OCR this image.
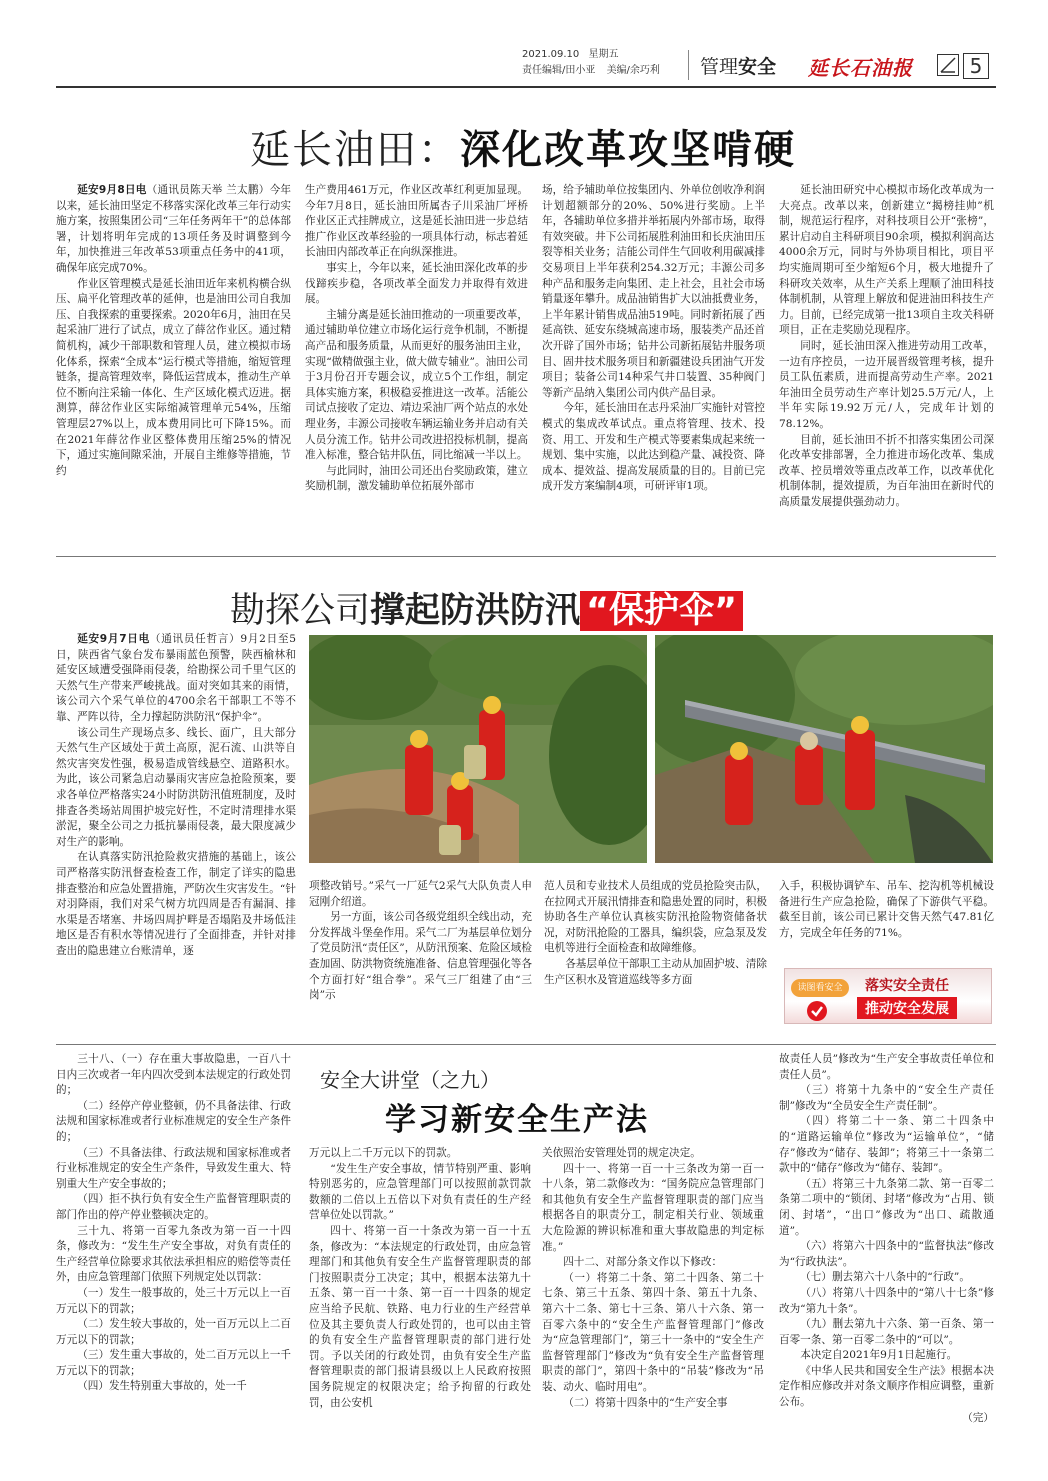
2021.09.10 星期五
责任编辑/田小亚 美编/余巧利 管理安全 延长石油报	5
延长油田：深化改革攻坚啃硬

延安9月8日电（通讯员陈天举 兰太鹏）今年以来，延长油田坚定不移落实深化改革三年行动实施方案，按照集团公司“三年任务两年干”的总体部署，计划将明年完成的13项任务及时调整到今年，加快推进三年改革53项重点任务中的41项，确保年底完成70%。

作业区管理模式是延长油田近年来机构横合纵压、扁平化管理改革的延伸，也是油田公司自我加压、自我探索的重要探索。2020年6月，油田在吴起采油厂进行了试点，成立了薛岔作业区。通过精简机构，减少干部职数和管理人员，建立模拟市场化体系，探索“全成本”运行模式等措施，缩短管理链条，提高管理效率，降低运营成本，推动生产单位不断向注采输一体化、生产区域化模式迈进。据测算，薛岔作业区实际缩减管理单元54%，压缩管理层27%以上，成本费用同比可下降15%。而在2021年薛岔作业区整体费用压缩25%的情况下，通过实施间隙采油，开展自主维修等措施，节约

生产费用461万元，作业区改革红利更加显现。今年7月8日，延长油田所属杏子川采油厂坪桥作业区正式挂牌成立，这是延长油田进一步总结推广作业区改革经验的一项具体行动，标志着延长油田内部改革正在向纵深推进。

事实上，今年以来，延长油田深化改革的步伐蹄疾步稳，各项改革全面发力并取得有效进展。

主辅分离是延长油田推动的一项重要改革，通过辅助单位建立市场化运行竞争机制，不断提高产品和服务质量，从而更好的服务油田主业，实现“做精做强主业，做大做专辅业”。油田公司于3月份召开专题会议，成立5个工作组，制定具体实施方案，积极稳妥推进这一改革。活能公司试点接收了定边、靖边采油厂两个站点的水处理业务，丰源公司接收车辆运输业务并启动有关人员分流工作。钻井公司改进招投标机制，提高准入标准，整合钻井队伍，同比缩减一半以上。

与此同时，油田公司还出台奖励政策，建立奖励机制，激发辅助单位拓展外部市

场，给予辅助单位按集团内、外单位创收净利润计划超额部分的20%、50%进行奖励。上半年，各辅助单位多措并举拓展内外部市场，取得有效突破。井下公司拓展胜利油田和长庆油田压裂等相关业务；洁能公司伴生气回收利用碳减排交易项目上半年获利254.32万元；丰源公司多种产品和服务走向集团、走上社会，且社会市场销量逐年攀升。成品油销售扩大以油抵费业务，上半年累计销售成品油519吨。同时新拓展了西延高铁、延安东绕城高速市场，服装类产品还首次开辟了国外市场；钻井公司新拓展钻井服务项目、固井技术服务项目和新疆建设兵团油气开发项目；装备公司14种采气井口装置、35种阀门等新产品纳入集团公司内供产品目录。

今年，延长油田在志丹采油厂实施针对管控模式的集成改革试点。重点将管理、技术、投资、用工、开发和生产模式等要素集成起来统一规划、集中实施，以此达到稳产量、减投资、降成本、提效益、提高发展质量的目的。目前已完成开发方案编制4项，可研评审1项。

延长油田研究中心模拟市场化改革成为一大亮点。改革以来，创新建立“揭榜挂帅”机制，规范运行程序，对科技项目公开“张榜”，累计启动自主科研项目90余项，模拟利润高达4000余万元，同时与外协项目相比，项目平均实施周期可至少缩短6个月，极大地提升了科研攻关效率，从生产关系上理顺了油田科技体制机制，从管理上解放和促进油田科技生产力。目前，已经完成第一批13项自主攻关科研项目，正在走奖励兑现程序。

同时，延长油田深入推进劳动用工改革，一边有序控员，一边开展晋级管理考核，提升员工队伍素质，进而提高劳动生产率。2021年油田全员劳动生产率计划25.5万元/人，上半年实际19.92万元/人，完成年计划的78.12%。

目前，延长油田不折不扣落实集团公司深化改革安排部署，全力推进市场化改革、集成改革、控员增效等重点改革工作，以改革优化机制体制，提效提质，为百年油田在新时代的高质量发展提供强劲动力。

勘探公司撑起防洪防汛 “保护伞”

延安9月7日电（通讯员任哲言）9月2日至5日，陕西省气象台发布暴雨蓝色预警，陕西榆林和延安区域遭受强降雨侵袭，给勘探公司千里气区的天然气生产带来严峻挑战。面对突如其来的雨情，该公司六个采气单位的4700余名干部职工不等不靠、严阵以待，全力撑起防洪防汛“保护伞”。

该公司生产现场点多、线长、面广，且大部分天然气生产区域处于黄土高原，泥石流、山洪等自然灾害突发性强，极易造成管线悬空、道路积水。为此，该公司紧急启动暴雨灾害应急抢险预案，要求各单位严格落实24小时防洪防汛值班制度，及时排查各类场站周围护坡完好性，不定时清理排水渠淤泥，聚全公司之力抵抗暴雨侵袭，最大限度减少对生产的影响。

在认真落实防汛抢险救灾措施的基础上，该公司严格落实防汛督查检查工作，制定了详实的隐患排查整治和应急处置措施，严防次生灾害发生。“针对羽降雨，我们对采气树方坑四周是否有漏洞、排水渠是否堵塞、井场四周护畔是否塌陷及井场低洼地区是否有积水等情况进行了全面排查，并针对排查出的隐患建立台账清单，逐

项整改销号。”采气一厂延气2采气大队负责人申冠刚介绍道。

另一方面，该公司各级党组织全线出动，充分发挥战斗堡垒作用。采气二厂为基层单位划分了党员防汛“责任区”，从防汛预案、危险区域检查加固、防洪物资统施准备、信息管理强化等各个方面打好“组合拳”。采气三厂组建了由“三岗”示

范人员和专业技术人员组成的党员抢险突击队，在拉网式开展汛情排查和隐患处置的同时，积极协助各生产单位认真核实防汛抢险物资储备状况，对防汛抢险的工器具，编织袋，应急泵及发电机等进行全面检查和故障维修。

各基层单位干部职工主动从加固护坡、清除生产区积水及管道巡线等多方面

入手，积极协调铲车、吊车、挖沟机等机械设备进行生产应急抢险，确保了下游供气平稳。截至目前，该公司已累计交售天然气47.81亿方，完成全年任务的71%。

读图看安全	落实安全责任
推动安全发展

三十八、（一）存在重大事故隐患，一百八十日内三次或者一年内四次受到本法规定的行政处罚的；

（二）经停产停业整顿，仍不具备法律、行政法规和国家标准或者行业标准规定的安全生产条件的；

（三）不具备法律、行政法规和国家标准或者行业标准规定的安全生产条件，导致发生重大、特别重大生产安全事故的；

（四）拒不执行负有安全生产监督管理职责的部门作出的停产停业整顿决定的。

三十九、将第一百零九条改为第一百一十四条，修改为：“发生生产安全事故，对负有责任的生产经营单位除要求其依法承担相应的赔偿等责任外，由应急管理部门依照下列规定处以罚款：

（一）发生一般事故的，处三十万元以上一百万元以下的罚款；

（二）发生较大事故的，处一百万元以上二百万元以下的罚款；

（三）发生重大事故的，处二百万元以上一千万元以下的罚款；

（四）发生特别重大事故的，处一千

安全大讲堂（之九）
学习新安全生产法

万元以上二千万元以下的罚款。

“发生生产安全事故，情节特别严重、影响特别恶劣的，应急管理部门可以按照前款罚款数额的二倍以上五倍以下对负有责任的生产经营单位处以罚款。”

四十、将第一百一十条改为第一百一十五条，修改为：“本法规定的行政处罚，由应急管理部门和其他负有安全生产监督管理职责的部门按照职责分工决定；其中，根据本法第九十五条、第一百一十条、第一百一十四条的规定应当给予民航、铁路、电力行业的生产经营单位及其主要负责人行政处罚的，也可以由主管的负有安全生产监督管理职责的部门进行处罚。予以关闭的行政处罚，由负有安全生产监督管理职责的部门报请县级以上人民政府按照国务院规定的权限决定；给予拘留的行政处罚，由公安机

关依照治安管理处罚的规定决定。

四十一、将第一百一十三条改为第一百一十八条，第二款修改为：“国务院应急管理部门和其他负有安全生产监督管理职责的部门应当根据各自的职责分工，制定相关行业、领域重大危险源的辨识标准和重大事故隐患的判定标准。”

四十二、对部分条文作以下修改：

（一）将第二十条、第二十四条、第二十七条、第三十五条、第四十条、第五十九条、第六十二条、第七十三条、第八十六条、第一百零六条中的“安全生产监督管理部门”修改为“应急管理部门”，第三十一条中的“安全生产监督管理部门”修改为“负有安全生产监督管理职责的部门”，第四十条中的“吊装”修改为“吊装、动火、临时用电”。

（二）将第十四条中的“生产安全事

故责任人员”修改为“生产安全事故责任单位和责任人员”。

（三）将第十九条中的“安全生产责任制”修改为“全员安全生产责任制”。

（四）将第二十一条、第二十四条中的“道路运输单位”修改为“运输单位”，“储存”修改为“储存、装卸”；将第三十一条第二款中的“储存”修改为“储存、装卸”。

（五）将第三十九条第二款、第一百零二条第二项中的“锁闭、封堵”修改为“占用、锁闭、封堵”，“出口”修改为“出口、疏散通道”。

（六）将第六十四条中的“监督执法”修改为“行政执法”。

（七）删去第六十八条中的“行政”。

（八）将第八十四条中的“第八十七条”修改为“第九十条”。

（九）删去第九十六条、第一百条、第一百零一条、第一百零二条中的“可以”。

本决定自2021年9月1日起施行。

《中华人民共和国安全生产法》根据本决定作相应修改并对条文顺序作相应调整，重新公布。

（完）
